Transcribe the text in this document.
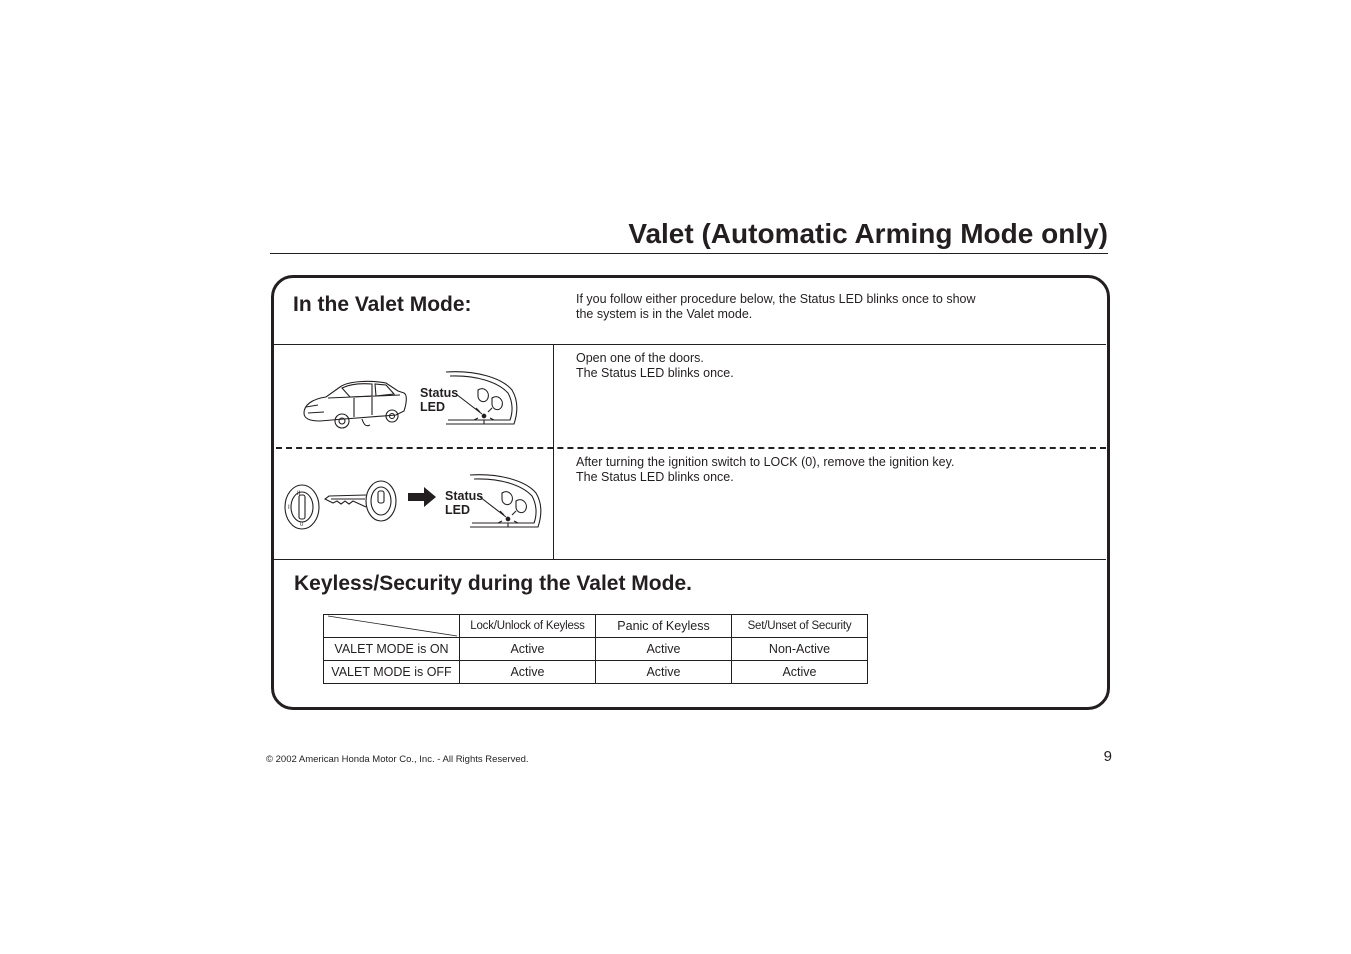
Valet (Automatic Arming Mode only)
In the Valet Mode:	If you follow either procedure below, the Status LED blinks once to show
the system is in the Valet mode.
Status
LED
Open one of the doors.
The Status LED blinks once.
II
I
0
Status
LED
After turning the ignition switch to LOCK (0), remove the ignition key.
The Status LED blinks once.
Keyless/Security during the Valet Mode.
	Lock/Unlock of Keyless	Panic of Keyless	Set/Unset of Security
VALET MODE is ON	Active	Active	Non-Active
VALET MODE is OFF	Active	Active	Active
© 2002 American Honda Motor Co., Inc. - All Rights Reserved.	9
